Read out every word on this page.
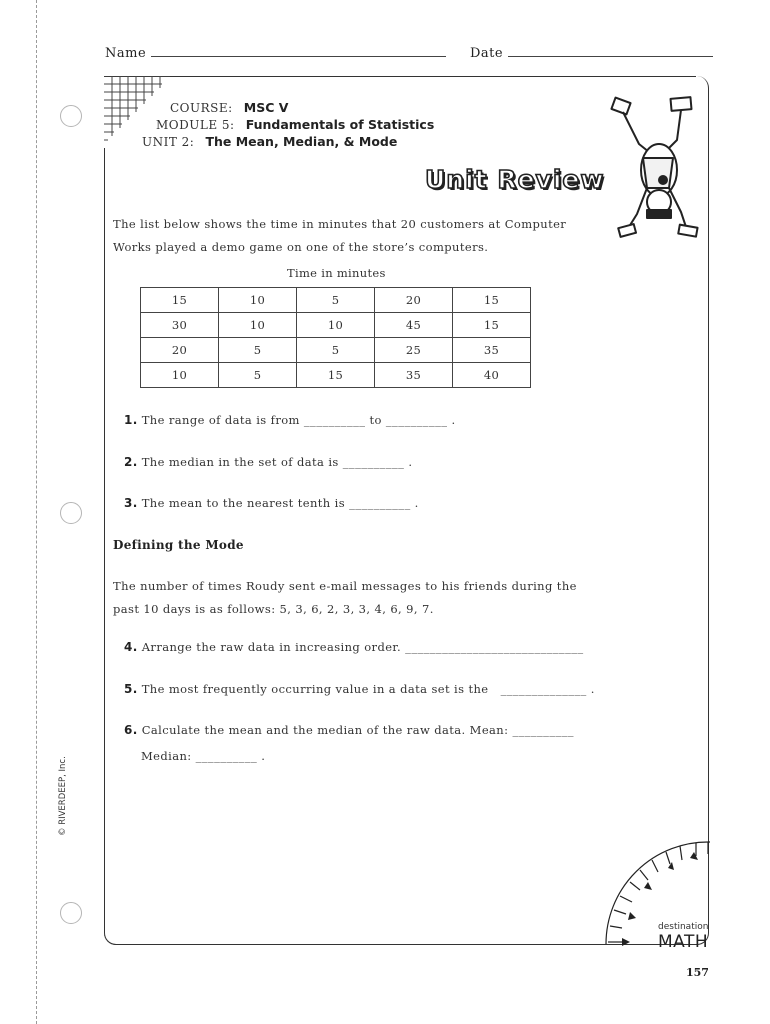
Name	Date
COURSE: MSC V
MODULE 5: Fundamentals of Statistics
UNIT 2: The Mean, Median, & Mode
Unit Review
The list below shows the time in minutes that 20 customers at Computer Works played a demo game on one of the store’s computers.
Time in minutes
15	10	5	20	15
30	10	10	45	15
20	5	5	25	35
10	5	15	35	40
1. The range of data is from __________ to __________ .
2. The median in the set of data is __________ .
3. The mean to the nearest tenth is __________ .
Defining the Mode
The number of times Roudy sent e-mail messages to his friends during the past 10 days is as follows: 5, 3, 6, 2, 3, 3, 4, 6, 9, 7.
4. Arrange the raw data in increasing order. _____________________________
5. The most frequently occurring value in a data set is the ______________ .
6. Calculate the mean and the median of the raw data. Mean: __________
Median: __________ .
© RIVERDEEP, Inc.
destination
MATH
157
